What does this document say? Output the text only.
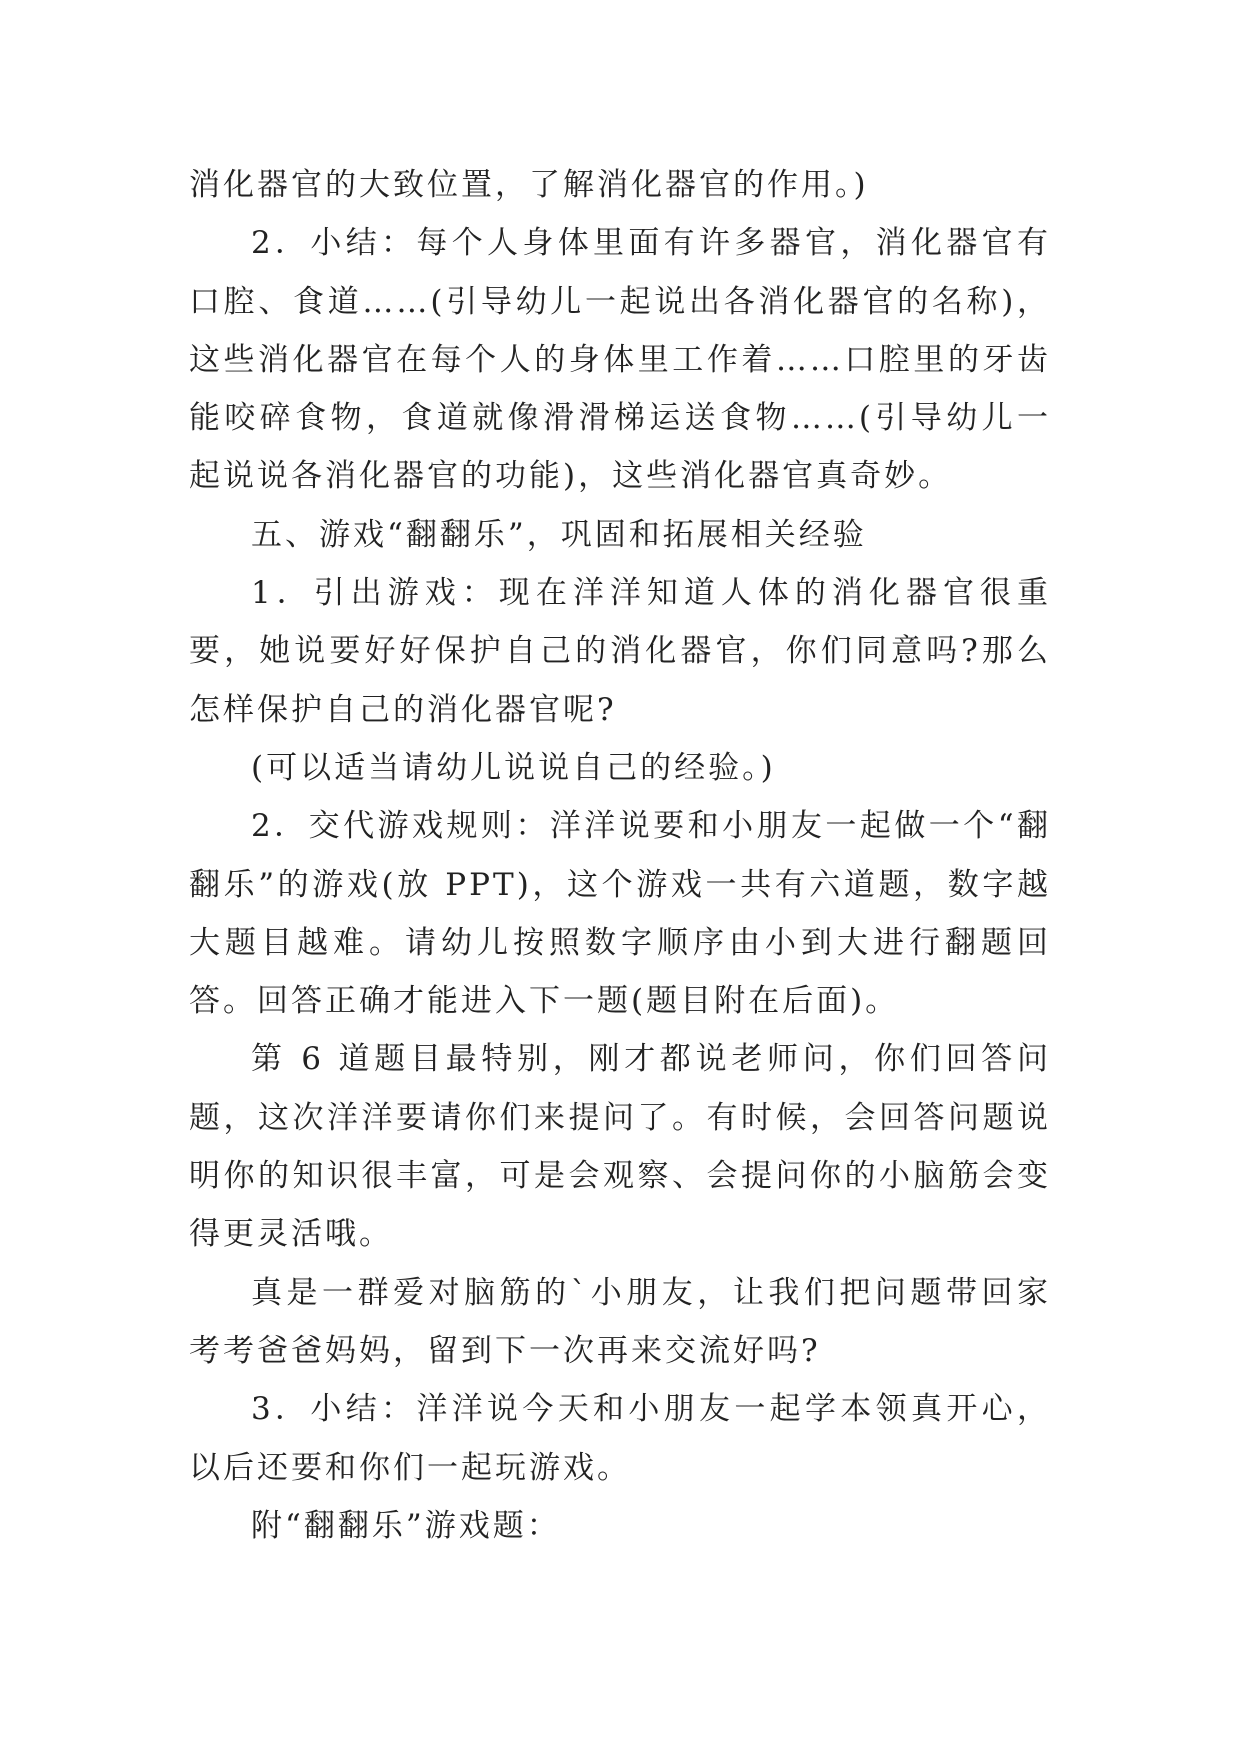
消化器官的大致位置，了解消化器官的作用。)

2．小结：每个人身体里面有许多器官，消化器官有口腔、食道……(引导幼儿一起说出各消化器官的名称)，这些消化器官在每个人的身体里工作着……口腔里的牙齿能咬碎食物，食道就像滑滑梯运送食物……(引导幼儿一起说说各消化器官的功能)，这些消化器官真奇妙。

五、游戏“翻翻乐”，巩固和拓展相关经验

1．引出游戏：现在洋洋知道人体的消化器官很重要，她说要好好保护自己的消化器官，你们同意吗?那么怎样保护自己的消化器官呢?

(可以适当请幼儿说说自己的经验。)

2．交代游戏规则：洋洋说要和小朋友一起做一个“翻翻乐”的游戏(放 PPT)，这个游戏一共有六道题，数字越大题目越难。请幼儿按照数字顺序由小到大进行翻题回答。回答正确才能进入下一题(题目附在后面)。

第 6 道题目最特别，刚才都说老师问，你们回答问题，这次洋洋要请你们来提问了。有时候，会回答问题说明你的知识很丰富，可是会观察、会提问你的小脑筋会变得更灵活哦。

真是一群爱对脑筋的`小朋友，让我们把问题带回家考考爸爸妈妈，留到下一次再来交流好吗?

3．小结：洋洋说今天和小朋友一起学本领真开心，以后还要和你们一起玩游戏。

附“翻翻乐”游戏题：
